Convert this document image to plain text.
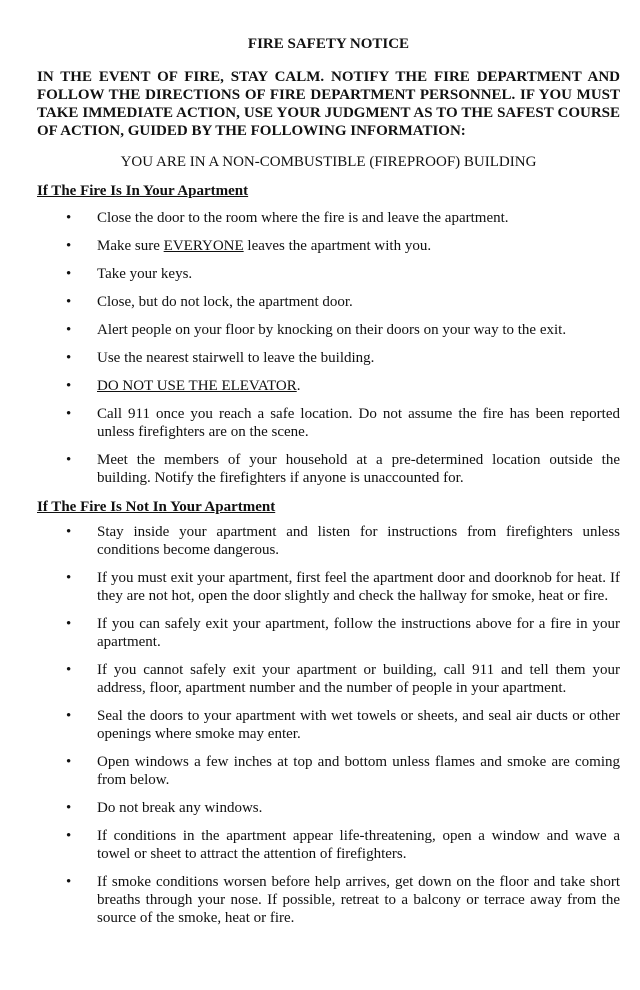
FIRE SAFETY NOTICE

IN THE EVENT OF FIRE, STAY CALM. NOTIFY THE FIRE DEPARTMENT AND FOLLOW THE DIRECTIONS OF FIRE DEPARTMENT PERSONNEL. IF YOU MUST TAKE IMMEDIATE ACTION, USE YOUR JUDGMENT AS TO THE SAFEST COURSE OF ACTION, GUIDED BY THE FOLLOWING INFORMATION:

YOU ARE IN A NON-COMBUSTIBLE (FIREPROOF) BUILDING

If The Fire Is In Your Apartment
• Close the door to the room where the fire is and leave the apartment.
• Make sure EVERYONE leaves the apartment with you.
• Take your keys.
• Close, but do not lock, the apartment door.
• Alert people on your floor by knocking on their doors on your way to the exit.
• Use the nearest stairwell to leave the building.
• DO NOT USE THE ELEVATOR.
• Call 911 once you reach a safe location. Do not assume the fire has been reported unless firefighters are on the scene.
• Meet the members of your household at a pre-determined location outside the building. Notify the firefighters if anyone is unaccounted for.
If The Fire Is Not In Your Apartment
• Stay inside your apartment and listen for instructions from firefighters unless conditions become dangerous.
• If you must exit your apartment, first feel the apartment door and doorknob for heat. If they are not hot, open the door slightly and check the hallway for smoke, heat or fire.
• If you can safely exit your apartment, follow the instructions above for a fire in your apartment.
• If you cannot safely exit your apartment or building, call 911 and tell them your address, floor, apartment number and the number of people in your apartment.
• Seal the doors to your apartment with wet towels or sheets, and seal air ducts or other openings where smoke may enter.
• Open windows a few inches at top and bottom unless flames and smoke are coming from below.
• Do not break any windows.
• If conditions in the apartment appear life-threatening, open a window and wave a towel or sheet to attract the attention of firefighters.
• If smoke conditions worsen before help arrives, get down on the floor and take short breaths through your nose. If possible, retreat to a balcony or terrace away from the source of the smoke, heat or fire.
